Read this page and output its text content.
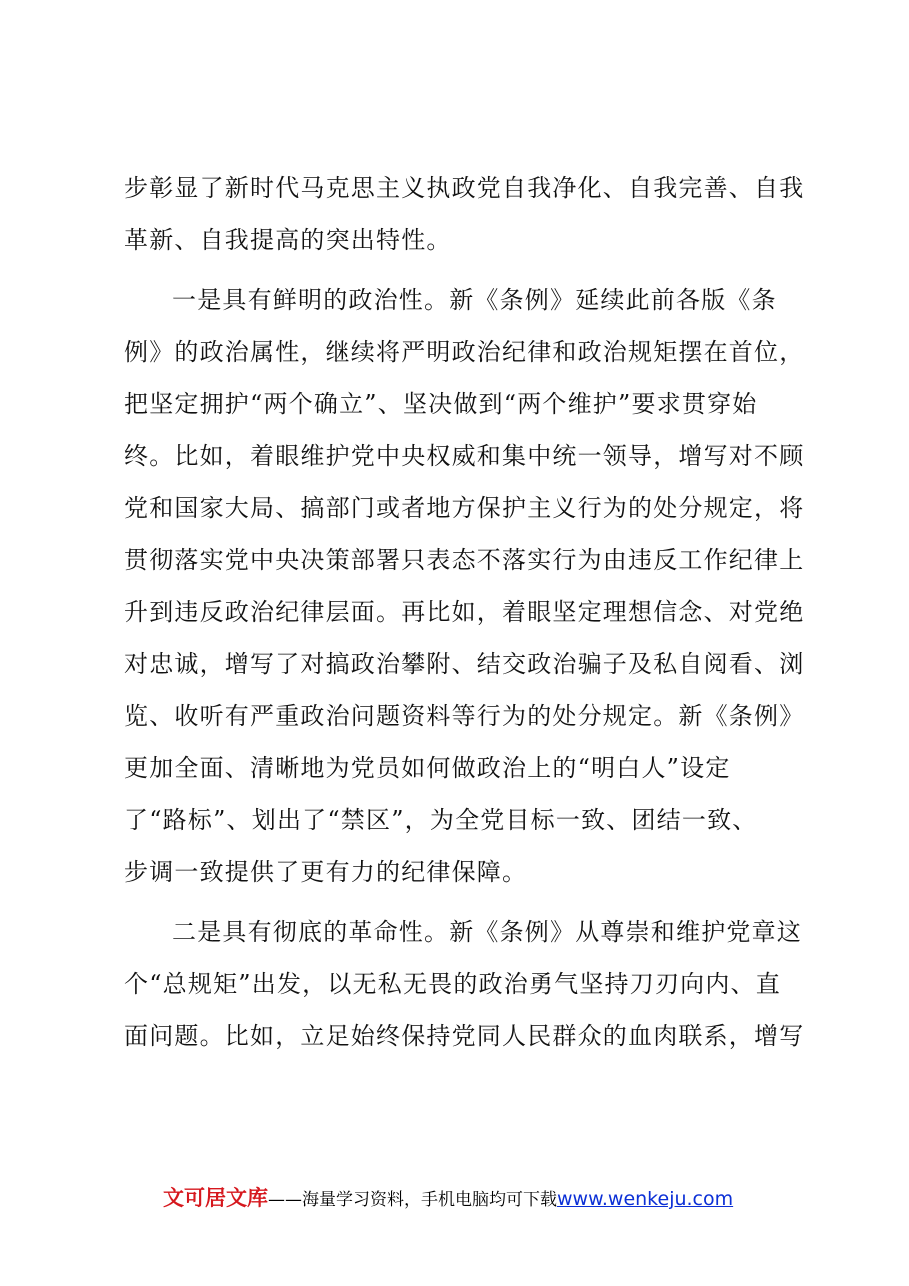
步彰显了新时代马克思主义执政党自我净化、自我完善、自我
革新、自我提高的突出特性。
一是具有鲜明的政治性。新《条例》延续此前各版《条
例》的政治属性，继续将严明政治纪律和政治规矩摆在首位，
把坚定拥护“两个确立”、坚决做到“两个维护”要求贯穿始
终。比如，着眼维护党中央权威和集中统一领导，增写对不顾
党和国家大局、搞部门或者地方保护主义行为的处分规定，将
贯彻落实党中央决策部署只表态不落实行为由违反工作纪律上
升到违反政治纪律层面。再比如，着眼坚定理想信念、对党绝
对忠诚，增写了对搞政治攀附、结交政治骗子及私自阅看、浏
览、收听有严重政治问题资料等行为的处分规定。新《条例》
更加全面、清晰地为党员如何做政治上的“明白人”设定
了“路标”、划出了“禁区”，为全党目标一致、团结一致、
步调一致提供了更有力的纪律保障。
二是具有彻底的革命性。新《条例》从尊崇和维护党章这
个“总规矩”出发，以无私无畏的政治勇气坚持刀刃向内、直
面问题。比如，立足始终保持党同人民群众的血肉联系，增写
文可居文库——海量学习资料，手机电脑均可下载www.wenkeju.com
